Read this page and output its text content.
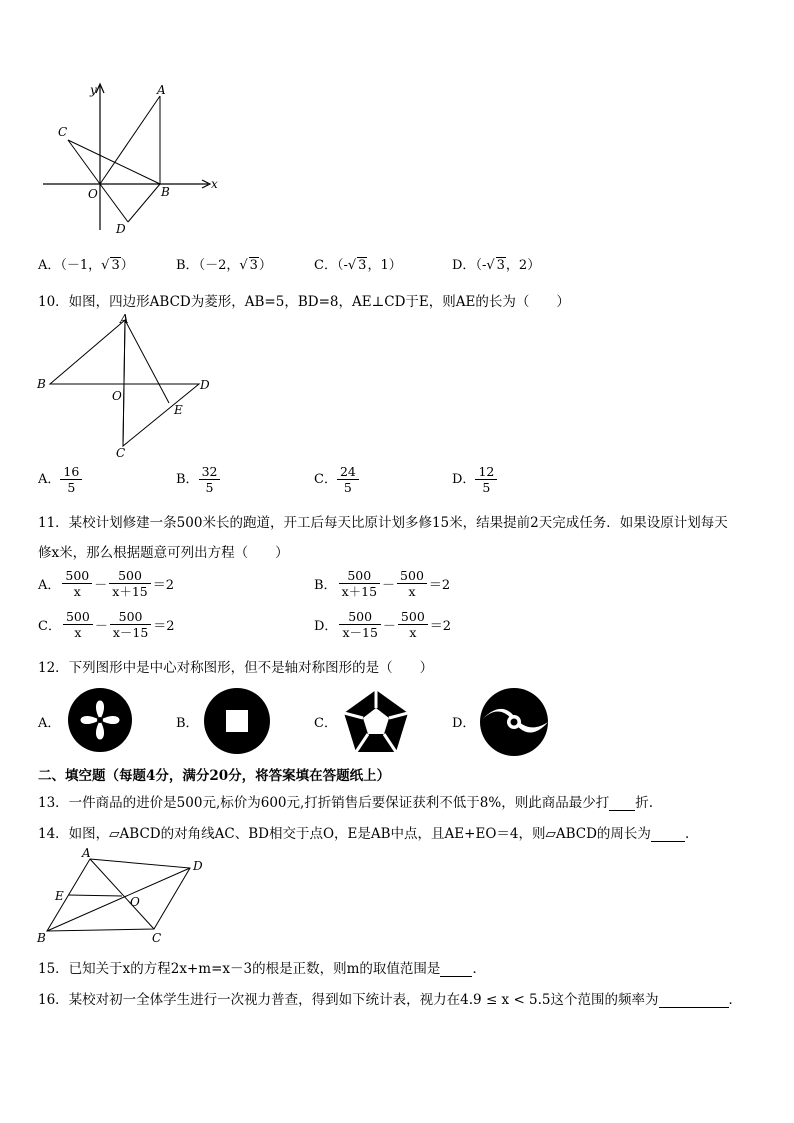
y
x
A
C
O	B
D
A．（－1，√ 3）	B．（－2，√ 3）	C．（-√ 3，1）	D．（-√ 3，2）
10．如图，四边形ABCD为菱形，AB=5，BD=8，AE⊥CD于E，则AE的长为（　　）
A
B
O
D
E
C
A． $\frac{16}{5}$	B． $\frac{32}{5}$	C． $\frac{24}{5}$	D． $\frac{12}{5}$
11．某校计划修建一条500米长的跑道，开工后每天比原计划多修15米，结果提前2天完成任务．如果设原计划每天
修x米，那么根据题意可列出方程（　　）
A． $\frac{500}{x} - \frac{500}{x+15} =2$	B． $\frac{500}{x+15} - \frac{500}{x} =2$
C． $\frac{500}{x} - \frac{500}{x-15} =2$	D． $\frac{500}{x-15} - \frac{500}{x} =2$
12．下列图形中是中心对称图形，但不是轴对称图形的是（　　）
A．	B．	C．	D．
二、填空题（每题4分，满分20分，将答案填在答题纸上）
13．一件商品的进价是500元,标价为600元,打折销售后要保证获利不低于8%，则此商品最少打 折.
14．如图，▱ABCD的对角线AC、BD相交于点O，E是AB中点，且AE+EO＝4，则▱ABCD的周长为	．
A
D
E	O
B	C
15．已知关于x的方程2x+m=x－3的根是正数，则m的取值范围是 ．
16．某校对初一全体学生进行一次视力普查，得到如下统计表，视力在4.9 ≤ x < 5.5这个范围的频率为	．
